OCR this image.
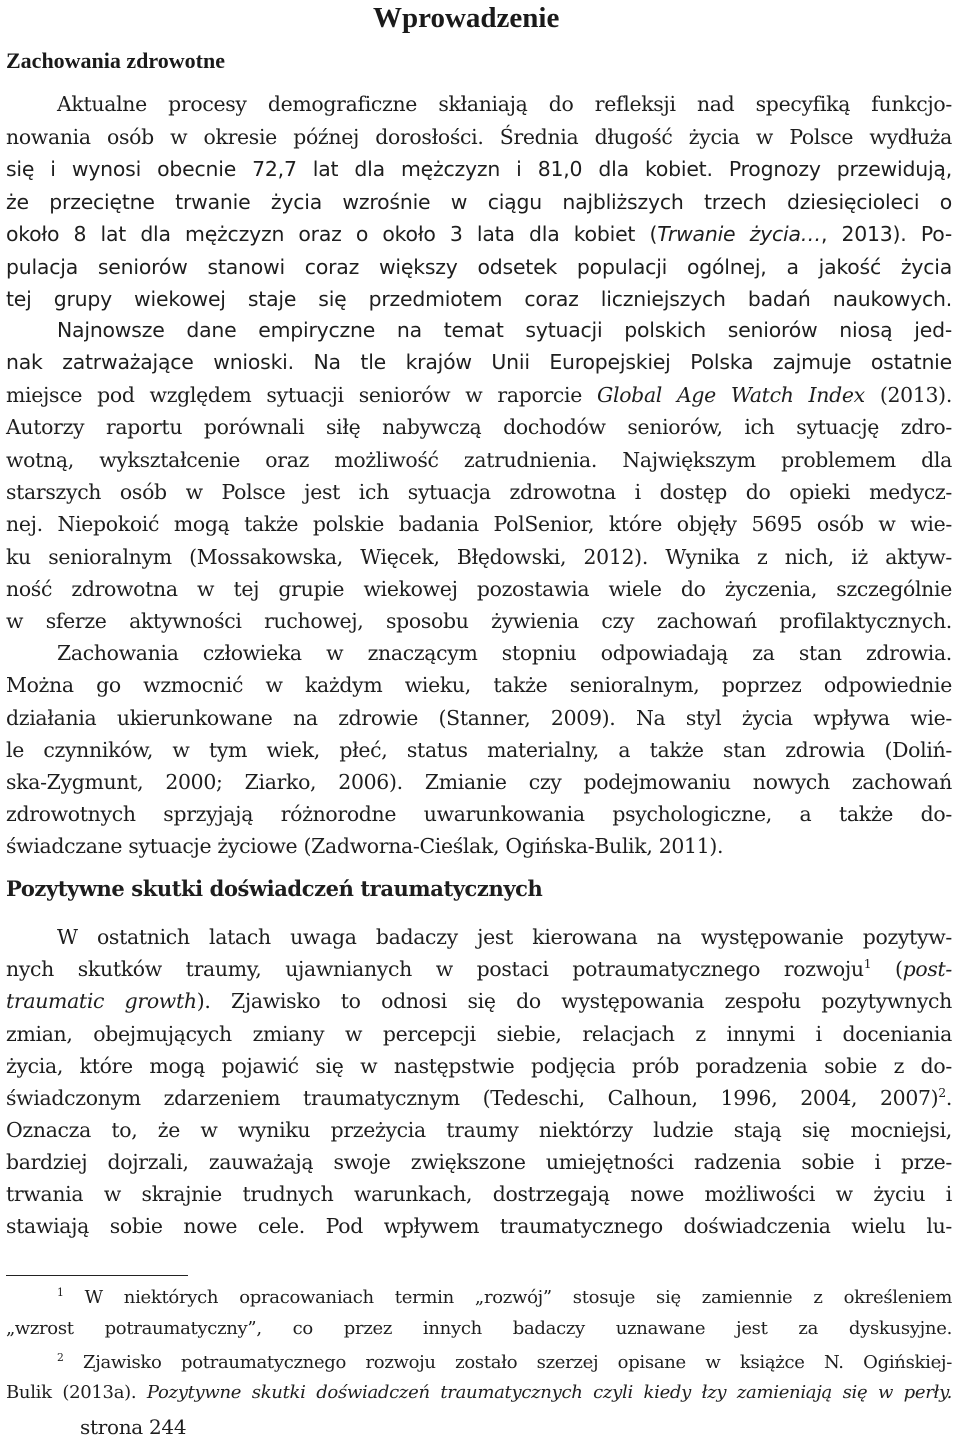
Wprowadzenie
Zachowania zdrowotne
Aktualne procesy demograficzne skłaniają do refleksji nad specyfiką funkcjo-
nowania osób w okresie późnej dorosłości. Średnia długość życia w Polsce wydłuża
się i wynosi obecnie 72,7 lat dla mężczyzn i 81,0 dla kobiet. Prognozy przewidują,
że przeciętne trwanie życia wzrośnie w ciągu najbliższych trzech dziesięcioleci o
około 8 lat dla mężczyzn oraz o około 3 lata dla kobiet (Trwanie życia…, 2013). Po-
pulacja seniorów stanowi coraz większy odsetek populacji ogólnej, a jakość życia
tej grupy wiekowej staje się przedmiotem coraz liczniejszych badań naukowych.
Najnowsze dane empiryczne na temat sytuacji polskich seniorów niosą jed-
nak zatrważające wnioski. Na tle krajów Unii Europejskiej Polska zajmuje ostatnie
miejsce pod względem sytuacji seniorów w raporcie Global Age Watch Index (2013).
Autorzy raportu porównali siłę nabywczą dochodów seniorów, ich sytuację zdro-
wotną, wykształcenie oraz możliwość zatrudnienia. Największym problemem dla
starszych osób w Polsce jest ich sytuacja zdrowotna i dostęp do opieki medycz-
nej. Niepokoić mogą także polskie badania PolSenior, które objęły 5695 osób w wie-
ku senioralnym (Mossakowska, Więcek, Błędowski, 2012). Wynika z nich, iż aktyw-
ność zdrowotna w tej grupie wiekowej pozostawia wiele do życzenia, szczególnie
w sferze aktywności ruchowej, sposobu żywienia czy zachowań profilaktycznych.
Zachowania człowieka w znaczącym stopniu odpowiadają za stan zdrowia.
Można go wzmocnić w każdym wieku, także senioralnym, poprzez odpowiednie
działania ukierunkowane na zdrowie (Stanner, 2009). Na styl życia wpływa wie-
le czynników, w tym wiek, płeć, status materialny, a także stan zdrowia (Doliń-
ska-Zygmunt, 2000; Ziarko, 2006). Zmianie czy podejmowaniu nowych zachowań
zdrowotnych sprzyjają różnorodne uwarunkowania psychologiczne, a także do-
świadczane sytuacje życiowe (Zadworna-Cieślak, Ogińska-Bulik, 2011).
Pozytywne skutki doświadczeń traumatycznych
W ostatnich latach uwaga badaczy jest kierowana na występowanie pozytyw-
nych skutków traumy, ujawnianych w postaci potraumatycznego rozwoju$^1$ (post-
traumatic growth). Zjawisko to odnosi się do występowania zespołu pozytywnych
zmian, obejmujących zmiany w percepcji siebie, relacjach z innymi i doceniania
życia, które mogą pojawić się w następstwie podjęcia prób poradzenia sobie z do-
świadczonym zdarzeniem traumatycznym (Tedeschi, Calhoun, 1996, 2004, 2007)$^2$.
Oznacza to, że w wyniku przeżycia traumy niektórzy ludzie stają się mocniejsi,
bardziej dojrzali, zauważają swoje zwiększone umiejętności radzenia sobie i prze-
trwania w skrajnie trudnych warunkach, dostrzegają nowe możliwości w życiu i
stawiają sobie nowe cele. Pod wpływem traumatycznego doświadczenia wielu lu-
$^1$ W niektórych opracowaniach termin „rozwój” stosuje się zamiennie z określeniem
„wzrost potraumatyczny”, co przez innych badaczy uznawane jest za dyskusyjne.
$^2$ Zjawisko potraumatycznego rozwoju zostało szerzej opisane w książce N. Ogińskiej-
Bulik (2013a). Pozytywne skutki doświadczeń traumatycznych czyli kiedy łzy zamieniają się w perły.
strona 244
